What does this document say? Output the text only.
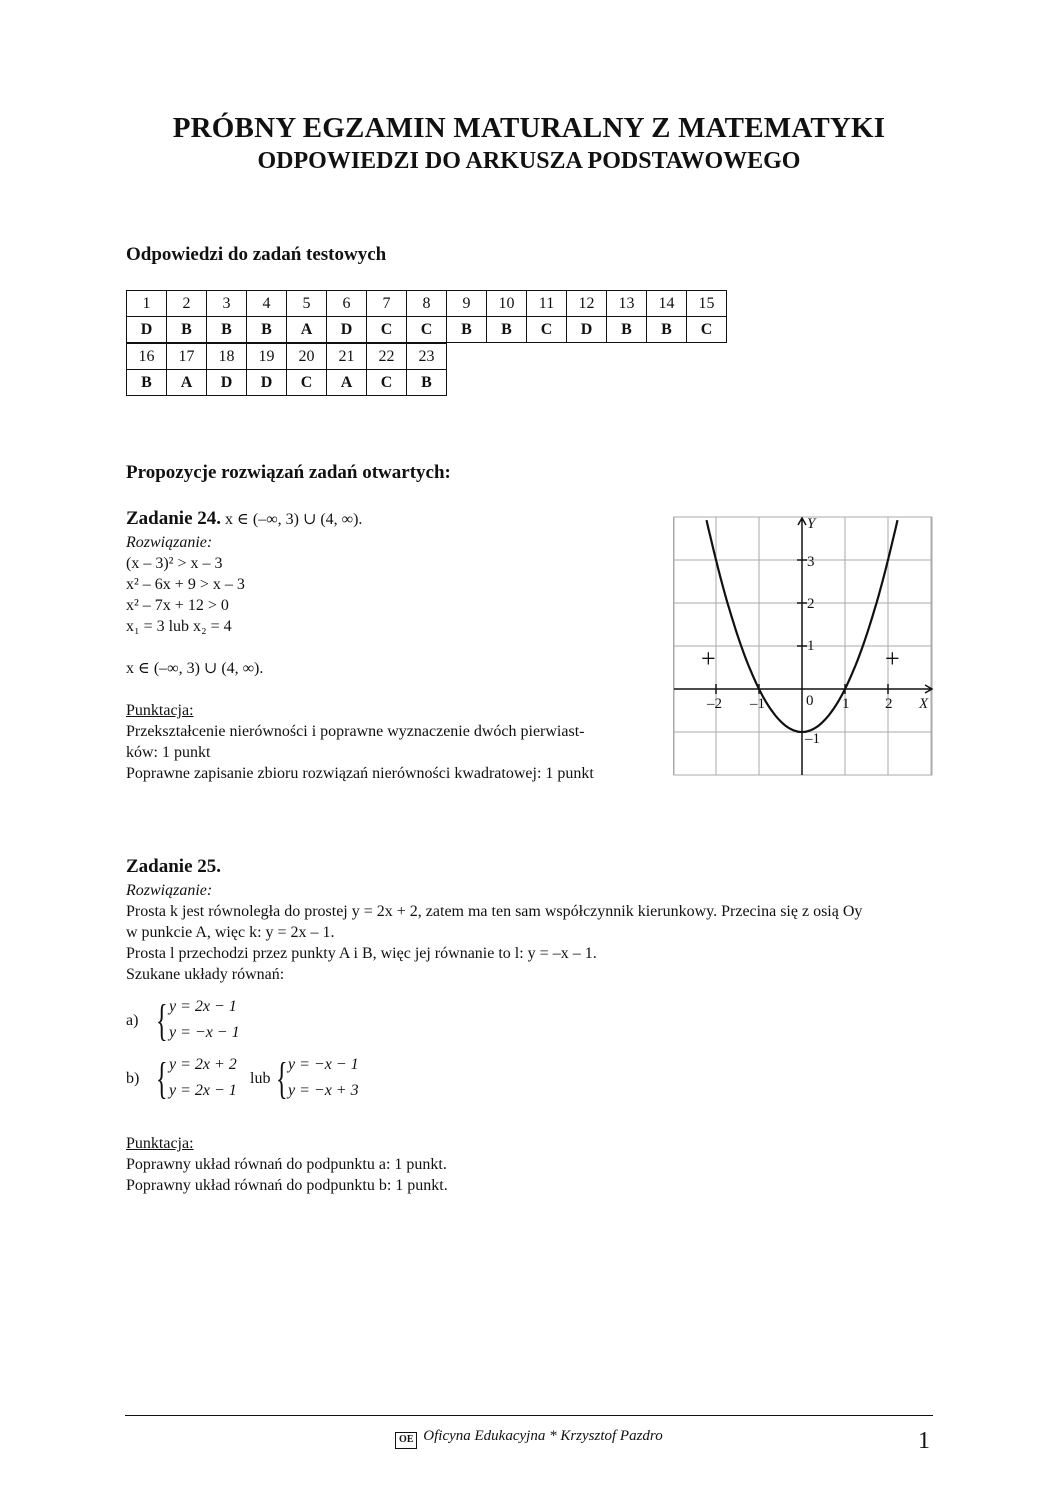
PRÓBNY EGZAMIN MATURALNY Z MATEMATYKI
ODPOWIEDZI DO ARKUSZA PODSTAWOWEGO
Odpowiedzi do zadań testowych
1	2	3	4	5	6	7	8	9	10	11	12	13	14	15
D	B	B	B	A	D	C	C	B	B	C	D	B	B	C
16	17	18	19	20	21	22	23
B	A	D	D	C	A	C	B
Propozycje rozwiązań zadań otwartych:
Zadanie 24. x ∈ (–∞, 3) ∪ (4, ∞).
Rozwiązanie:
(x – 3)² > x – 3
x² – 6x + 9 > x – 3
x² – 7x + 12 > 0
x₁ = 3 lub x₂ = 4
x ∈ (–∞, 3) ∪ (4, ∞).
Punktacja:
Przekształcenie nierówności i poprawne wyznaczenie dwóch pierwiast-
ków: 1 punkt
Poprawne zapisanie zbioru rozwiązań nierówności kwadratowej: 1 punkt
X
Y
0
–2 –1	1 2
3
2
1
–1
+	+
Zadanie 25.
Rozwiązanie:
Prosta k jest równoległa do prostej y = 2x + 2, zatem ma ten sam współczynnik kierunkowy. Przecina się z osią Oy
w punkcie A, więc k: y = 2x – 1.
Prosta l przechodzi przez punkty A i B, więc jej równanie to l: y = –x – 1.
Szukane układy równań:
a) { y = 2x − 1
y = −x − 1
b) { y = 2x + 2
y = 2x − 1
lub { y = −x − 1
y = −x + 3
Punktacja:
Poprawny układ równań do podpunktu a: 1 punkt.
Poprawny układ równań do podpunktu b: 1 punkt.
OE Oficyna Edukacyjna * Krzysztof Pazdro	1
